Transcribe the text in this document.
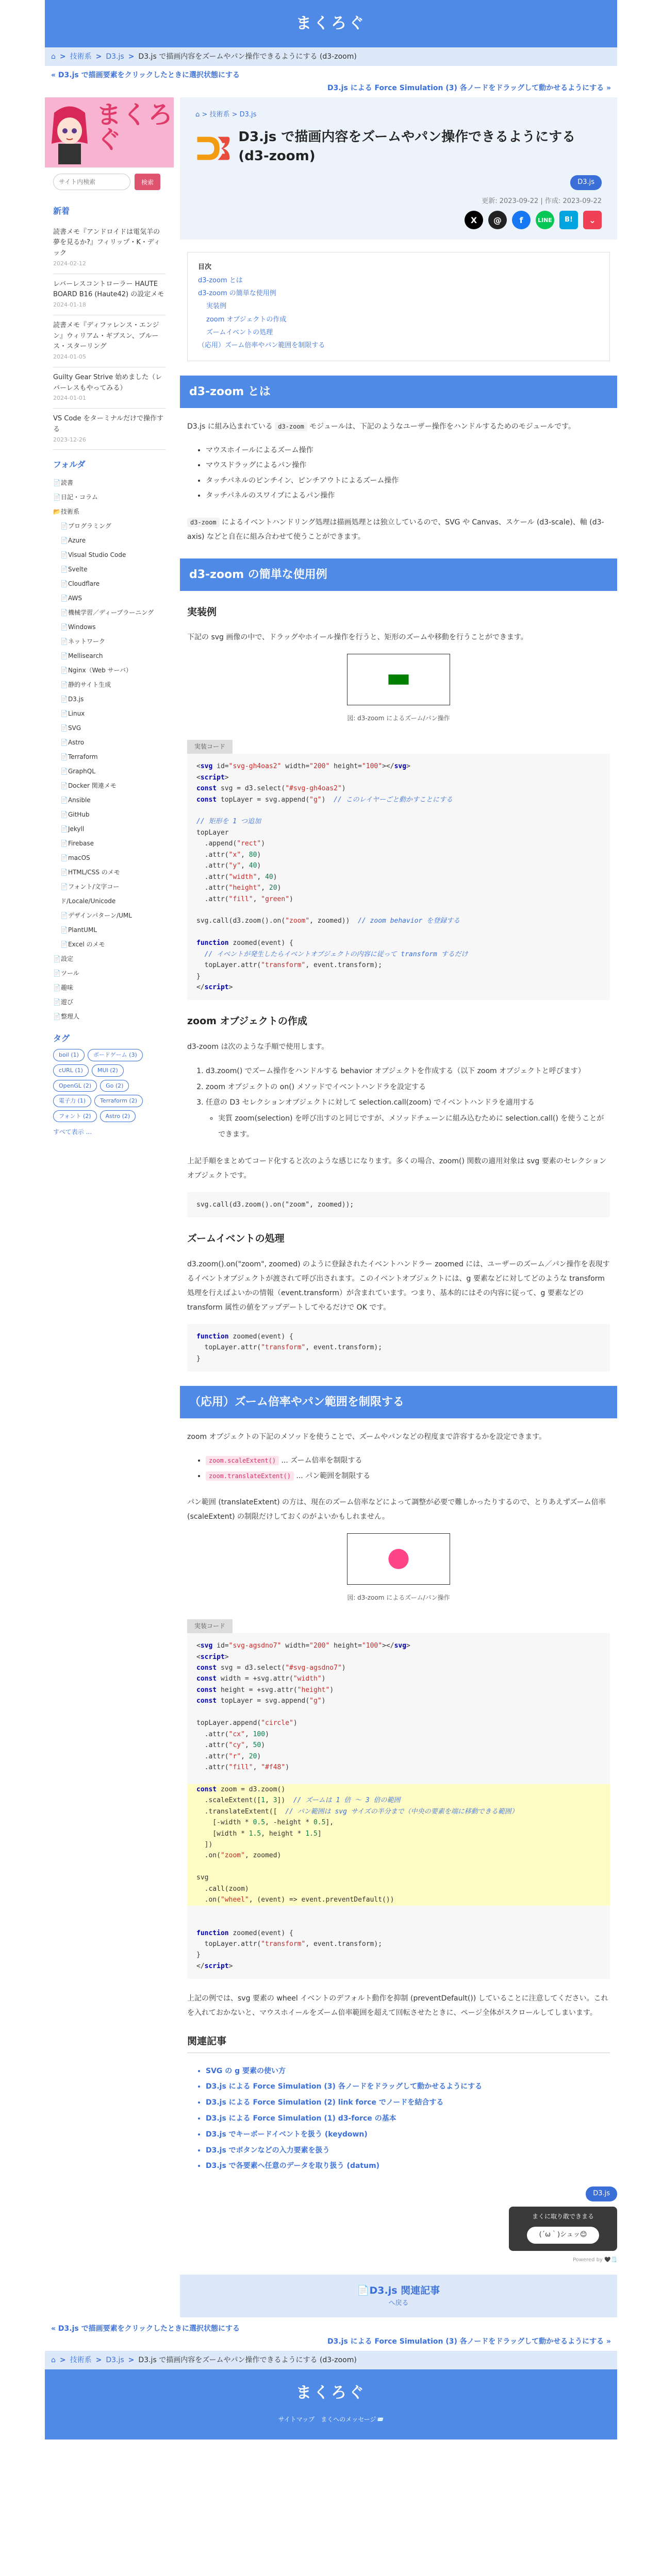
まくろぐ
⌂ > 技術系 > D3.js > D3.js で描画内容をズームやパン操作できるようにする (d3-zoom)
« D3.js で描画要素をクリックしたときに選択状態にする
D3.js による Force Simulation (3) 各ノードをドラッグして動かせるようにする »
まくろぐ
サイト内検索
検索
新着
読書メモ『アンドロイドは電気羊の夢を見るか?』フィリップ・K・ディック
2024-02-12
レバーレスコントローラー HAUTE BOARD B16 (Haute42) の設定メモ
2024-01-18
読書メモ『ディファレンス・エンジン』ウィリアム・ギブスン、ブルース・スターリング
2024-01-05
Guilty Gear Strive 始めました（レバーレスもやってみる）
2024-01-01
VS Code をターミナルだけで操作する
2023-12-26
フォルダ
📄読書
📄日記・コラム
📂技術系
📄プログラミング
📄Azure
📄Visual Studio Code
📄Svelte
📄Cloudflare
📄AWS
📄機械学習／ディープラーニング
📄Windows
📄ネットワーク
📄Mellisearch
📄Nginx（Web サーバ）
📄静的サイト生成
📄D3.js
📄Linux
📄SVG
📄Astro
📄Terraform
📄GraphQL
📄Docker 関連メモ
📄Ansible
📄GitHub
📄Jekyll
📄Firebase
📄macOS
📄HTML/CSS のメモ
📄フォント/文字コード/Locale/Unicode
📄デザインパターン/UML
📄PlantUML
📄Excel のメモ
📄設定
📄ツール
📄趣味
📄遊び
📄整理人
タグ
boil (1)	ボードゲーム (3)
cURL (1)	MUI (2)
OpenGL (2)	Go (2)
電子力 (1)	Terraform (2)
フォント (2)	Astro (2)
すべて表示 ...
⌂ > 技術系 > D3.js
D3.js で描画内容をズームやパン操作できるようにする (d3-zoom)
D3.js
更新: 2023-09-22 | 作成: 2023-09-22
X	@	f	LINE	B!	⌄
目次
d3-zoom とは
d3-zoom の簡単な使用例
実装例
zoom オブジェクトの作成
ズームイベントの処理
（応用）ズーム倍率やパン範囲を制限する
d3-zoom とは

D3.js に組み込まれている d3-zoom モジュールは、下記のようなユーザー操作をハンドルするためのモジュールです。

• マウスホイールによるズーム操作
• マウスドラッグによるパン操作
• タッチパネルのピンチイン、ピンチアウトによるズーム操作
• タッチパネルのスワイプによるパン操作

d3-zoom によるイベントハンドリング処理は描画処理とは独立しているので、SVG や Canvas、スケール (d3-scale)、軸 (d3-axis) などと自在に組み合わせて使うことができます。

d3-zoom の簡単な使用例
実装例

下記の svg 画像の中で、ドラッグやホイール操作を行うと、矩形のズームや移動を行うことができます。

図: d3-zoom によるズーム/パン操作
実装コード
<svg id="svg-gh4oas2" width="200" height="100"></svg>
<script>
const svg = d3.select("#svg-gh4oas2")
const topLayer = svg.append("g")  // このレイヤーごと動かすことにする

// 矩形を 1 つ追加
topLayer
.append("rect")
.attr("x", 80)
.attr("y", 40)
.attr("width", 40)
.attr("height", 20)
.attr("fill", "green")

svg.call(d3.zoom().on("zoom", zoomed))  // zoom behavior を登録する

function zoomed(event) {
// イベントが発生したらイベントオブジェクトの内容に従って transform するだけ
topLayer.attr("transform", event.transform);
}
</script>
zoom オブジェクトの作成

d3-zoom は次のような手順で使用します。

1. d3.zoom() でズーム操作をハンドルする behavior オブジェクトを作成する（以下 zoom オブジェクトと呼びます）
2. zoom オブジェクトの on() メソッドでイベントハンドラを設定する
3. 任意の D3 セレクションオブジェクトに対して selection.call(zoom) でイベントハンドラを適用する
◦ 実質 zoom(selection) を呼び出すのと同じですが、メソッドチェーンに組み込むために selection.call() を使うことができます。

上記手順をまとめてコード化すると次のような感じになります。多くの場合、zoom() 関数の適用対象は svg 要素のセレクションオブジェクトです。

svg.call(d3.zoom().on("zoom", zoomed));
ズームイベントの処理

d3.zoom().on("zoom", zoomed) のように登録されたイベントハンドラー zoomed には、ユーザーのズーム／パン操作を表現するイベントオブジェクトが渡されて呼び出されます。このイベントオブジェクトには、g 要素などに対してどのような transform 処理を行えばよいかの情報（event.transform）が含まれています。つまり、基本的にはその内容に従って、g 要素などの transform 属性の値をアップデートしてやるだけで OK です。

function zoomed(event) {
topLayer.attr("transform", event.transform);
}
（応用）ズーム倍率やパン範囲を制限する

zoom オブジェクトの下記のメソッドを使うことで、ズームやパンなどの程度まで許容するかを設定できます。

• zoom.scaleExtent() ... ズーム倍率を制限する
• zoom.translateExtent() ... パン範囲を制限する

パン範囲 (translateExtent) の方は、現在のズーム倍率などによって調整が必要で難しかったりするので、とりあえずズーム倍率 (scaleExtent) の制限だけしておくのがよいかもしれません。

図: d3-zoom によるズーム/パン操作
実装コード
<svg id="svg-agsdno7" width="200" height="100"></svg>
<script>
const svg = d3.select("#svg-agsdno7")
const width = +svg.attr("width")
const height = +svg.attr("height")
const topLayer = svg.append("g")

topLayer.append("circle")
.attr("cx", 100)
.attr("cy", 50)
.attr("r", 20)
.attr("fill", "#f48")

const zoom = d3.zoom()
.scaleExtent([1, 3])  // ズームは 1 倍 〜 3 倍の範囲
.translateExtent([  // パン範囲は svg サイズの半分まで（中央の要素を端に移動できる範囲）
[-width * 0.5, -height * 0.5],
[width * 1.5, height * 1.5]
])
.on("zoom", zoomed)

svg
.call(zoom)
.on("wheel", (event) => event.preventDefault())

function zoomed(event) {
topLayer.attr("transform", event.transform);
}
</script>

上記の例では、svg 要素の wheel イベントのデフォルト動作を抑制 (preventDefault()) していることに注意してください。これを入れておかないと、マウスホイールをズーム倍率範囲を超えて回転させたときに、ページ全体がスクロールしてしまいます。

関連記事
• SVG の g 要素の使い方
• D3.js による Force Simulation (3) 各ノードをドラッグして動かせるようにする
• D3.js による Force Simulation (2) link force でノードを結合する
• D3.js による Force Simulation (1) d3-force の基本
• D3.js でキーボードイベントを扱う (keydown)
• D3.js でボタンなどの入力要素を扱う
• D3.js で各要素へ任意のデータを取り扱う (datum)
D3.js
まくに取り敢できまる
(´ω｀)シュッ😊
Powered by 🖤🗒️
📄D3.js 関連記事
へ戻る
« D3.js で描画要素をクリックしたときに選択状態にする
D3.js による Force Simulation (3) 各ノードをドラッグして動かせるようにする »
⌂ > 技術系 > D3.js > D3.js で描画内容をズームやパン操作できるようにする (d3-zoom)
まくろぐ
サイトマップ　まくへのメッセージ📨
